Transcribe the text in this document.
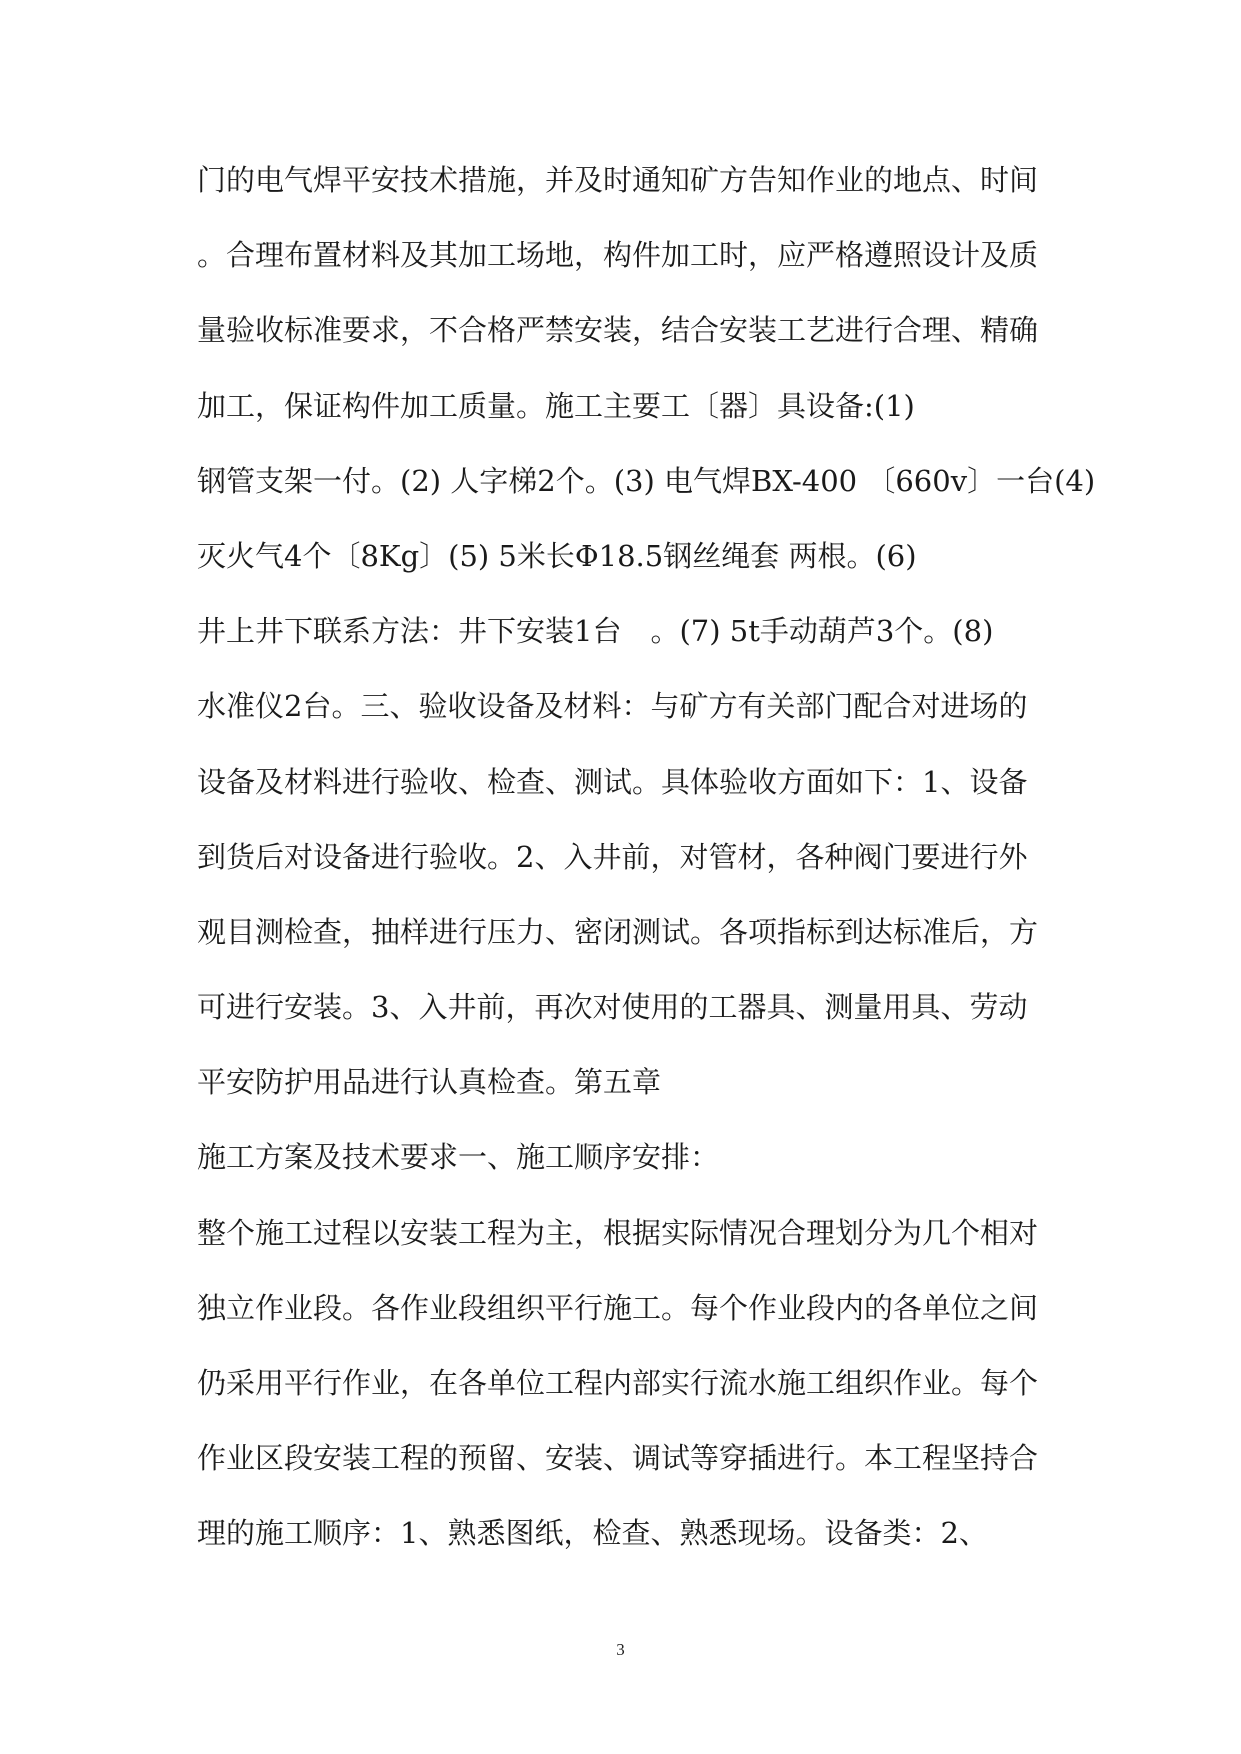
门的电气焊平安技术措施，并及时通知矿方告知作业的地点、时间
。合理布置材料及其加工场地，构件加工时，应严格遵照设计及质
量验收标准要求，不合格严禁安装，结合安装工艺进行合理、精确
加工，保证构件加工质量。施工主要工〔器〕具设备:(1)
钢管支架一付。(2) 人字梯2个。(3) 电气焊BX-400 〔660v〕一台(4)
灭火气4个〔8Kg〕(5) 5米长Φ18.5钢丝绳套 两根。(6)
井上井下联系方法：井下安装1台　。(7) 5t手动葫芦3个。(8)
水准仪2台。三、验收设备及材料：与矿方有关部门配合对进场的
设备及材料进行验收、检查、测试。具体验收方面如下：1、设备
到货后对设备进行验收。2、入井前，对管材，各种阀门要进行外
观目测检查，抽样进行压力、密闭测试。各项指标到达标准后，方
可进行安装。3、入井前，再次对使用的工器具、测量用具、劳动
平安防护用品进行认真检查。第五章
施工方案及技术要求一、施工顺序安排：
整个施工过程以安装工程为主，根据实际情况合理划分为几个相对
独立作业段。各作业段组织平行施工。每个作业段内的各单位之间
仍采用平行作业，在各单位工程内部实行流水施工组织作业。每个
作业区段安装工程的预留、安装、调试等穿插进行。本工程坚持合
理的施工顺序：1、熟悉图纸，检查、熟悉现场。设备类：2、
3
